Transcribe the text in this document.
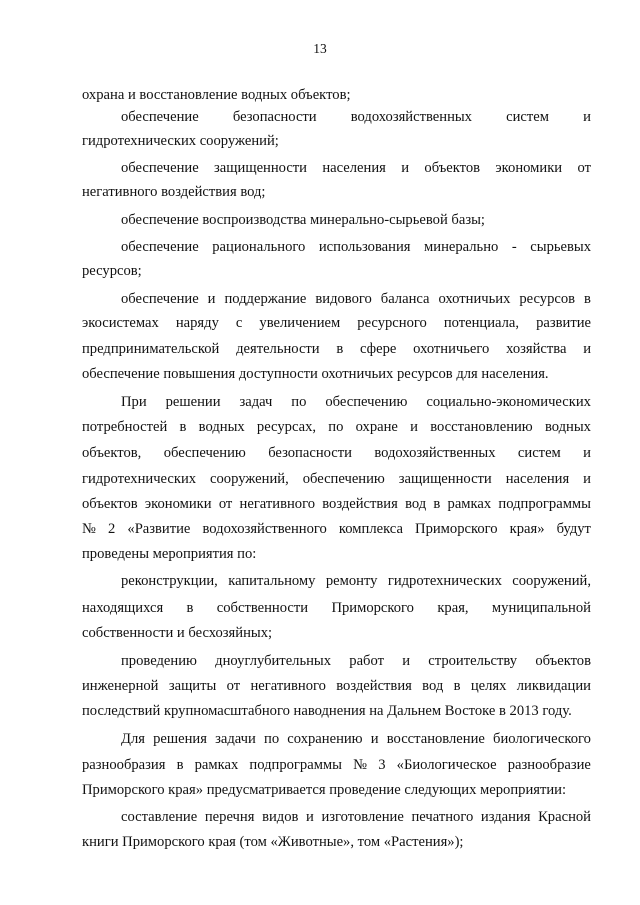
13
охрана и восстановление водных объектов;
обеспечение безопасности водохозяйственных систем и
гидротехнических сооружений;
обеспечение защищенности населения и объектов экономики от
негативного воздействия вод;
обеспечение воспроизводства минерально-сырьевой базы;
обеспечение рационального использования минерально - сырьевых
ресурсов;
обеспечение и поддержание видового баланса охотничьих ресурсов в
экосистемах наряду с увеличением ресурсного потенциала, развитие
предпринимательской деятельности в сфере охотничьего хозяйства и
обеспечение повышения доступности охотничьих ресурсов для населения.
При решении задач по обеспечению социально-экономических
потребностей в водных ресурсах, по охране и восстановлению водных
объектов, обеспечению безопасности водохозяйственных систем и
гидротехнических сооружений, обеспечению защищенности населения и
объектов экономики от негативного воздействия вод в рамках подпрограммы
№ 2 «Развитие водохозяйственного комплекса Приморского края» будут
проведены мероприятия по:
реконструкции, капитальному ремонту гидротехнических сооружений,
находящихся в собственности Приморского края, муниципальной
собственности и бесхозяйных;
проведению дноуглубительных работ и строительству объектов
инженерной защиты от негативного воздействия вод в целях ликвидации
последствий крупномасштабного наводнения на Дальнем Востоке в 2013 году.
Для решения задачи по сохранению и восстановление биологического
разнообразия в рамках подпрограммы № 3 «Биологическое разнообразие
Приморского края» предусматривается проведение следующих мероприятии:
составление перечня видов и изготовление печатного издания Красной
книги Приморского края (том «Животные», том «Растения»);
